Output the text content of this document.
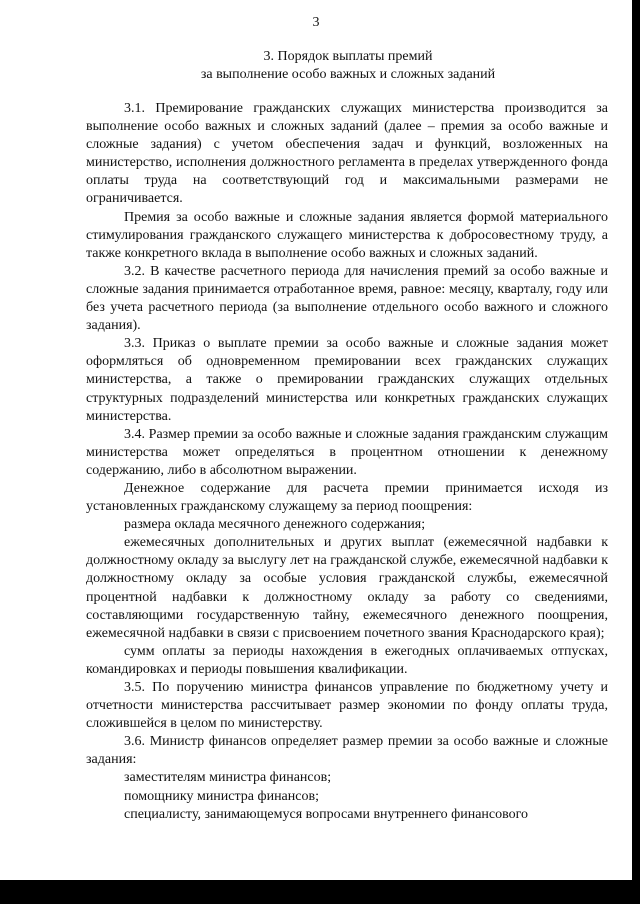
3
3. Порядок выплаты премий
за выполнение особо важных и сложных заданий

3.1. Премирование гражданских служащих министерства производится за выполнение особо важных и сложных заданий (далее – премия за особо важные и сложные задания) с учетом обеспечения задач и функций, возложенных на министерство, исполнения должностного регламента в пределах утвержденного фонда оплаты труда на соответствующий год и максимальными размерами не ограничивается.

Премия за особо важные и сложные задания является формой материального стимулирования гражданского служащего министерства к добросовестному труду, а также конкретного вклада в выполнение особо важных и сложных заданий.

3.2. В качестве расчетного периода для начисления премий за особо важные и сложные задания принимается отработанное время, равное: месяцу, кварталу, году или без учета расчетного периода (за выполнение отдельного особо важного и сложного задания).

3.3. Приказ о выплате премии за особо важные и сложные задания может оформляться об одновременном премировании всех гражданских служащих министерства, а также о премировании гражданских служащих отдельных структурных подразделений министерства или конкретных гражданских служащих министерства.

3.4. Размер премии за особо важные и сложные задания гражданским служащим министерства может определяться в процентном отношении к денежному содержанию, либо в абсолютном выражении.

Денежное содержание для расчета премии принимается исходя из установленных гражданскому служащему за период поощрения:

размера оклада месячного денежного содержания;

ежемесячных дополнительных и других выплат (ежемесячной надбавки к должностному окладу за выслугу лет на гражданской службе, ежемесячной надбавки к должностному окладу за особые условия гражданской службы, ежемесячной процентной надбавки к должностному окладу за работу со сведениями, составляющими государственную тайну, ежемесячного денежного поощрения, ежемесячной надбавки в связи с присвоением почетного звания Краснодарского края);

сумм оплаты за периоды нахождения в ежегодных оплачиваемых отпусках, командировках и периоды повышения квалификации.

3.5. По поручению министра финансов управление по бюджетному учету и отчетности министерства рассчитывает размер экономии по фонду оплаты труда, сложившейся в целом по министерству.

3.6. Министр финансов определяет размер премии за особо важные и сложные задания:

заместителям министра финансов;

помощнику министра финансов;

специалисту, занимающемуся вопросами внутреннего финансового
